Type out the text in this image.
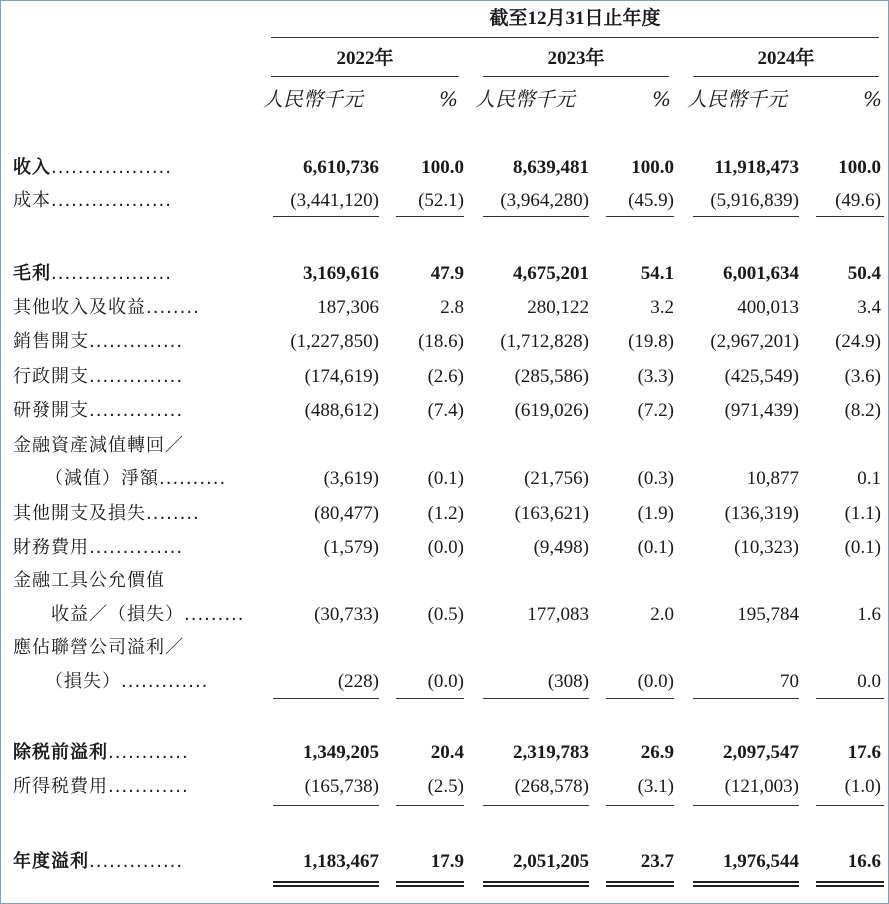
截至12月31日止年度
2022年	2023年	2024年
人民幣千元	% 人民幣千元	% 人民幣千元	%
收入..................	6,610,736	100.0	8,639,481	100.0	11,918,473	100.0
成本..................	(3,441,120)	(52.1)	(3,964,280)	(45.9)	(5,916,839)	(49.6)
毛利..................	3,169,616	47.9	4,675,201	54.1	6,001,634	50.4
其他收入及收益........	187,306	2.8	280,122	3.2	400,013	3.4
銷售開支..............	(1,227,850)	(18.6)	(1,712,828)	(19.8)	(2,967,201)	(24.9)
行政開支..............	(174,619)	(2.6)	(285,586)	(3.3)	(425,549)	(3.6)
研發開支..............	(488,612)	(7.4)	(619,026)	(7.2)	(971,439)	(8.2)
金融資產減值轉回／
（減值）淨額..........	(3,619)	(0.1)	(21,756)	(0.3)	10,877	0.1
其他開支及損失........	(80,477)	(1.2)	(163,621)	(1.9)	(136,319)	(1.1)
財務費用..............	(1,579)	(0.0)	(9,498)	(0.1)	(10,323)	(0.1)
金融工具公允價值
收益／（損失）.........	(30,733)	(0.5)	177,083	2.0	195,784	1.6
應佔聯營公司溢利／
（損失）.............	(228)	(0.0)	(308)	(0.0)	70	0.0
除税前溢利............	1,349,205	20.4	2,319,783	26.9	2,097,547	17.6
所得税費用............	(165,738)	(2.5)	(268,578)	(3.1)	(121,003)	(1.0)
年度溢利..............	1,183,467	17.9	2,051,205	23.7	1,976,544	16.6
